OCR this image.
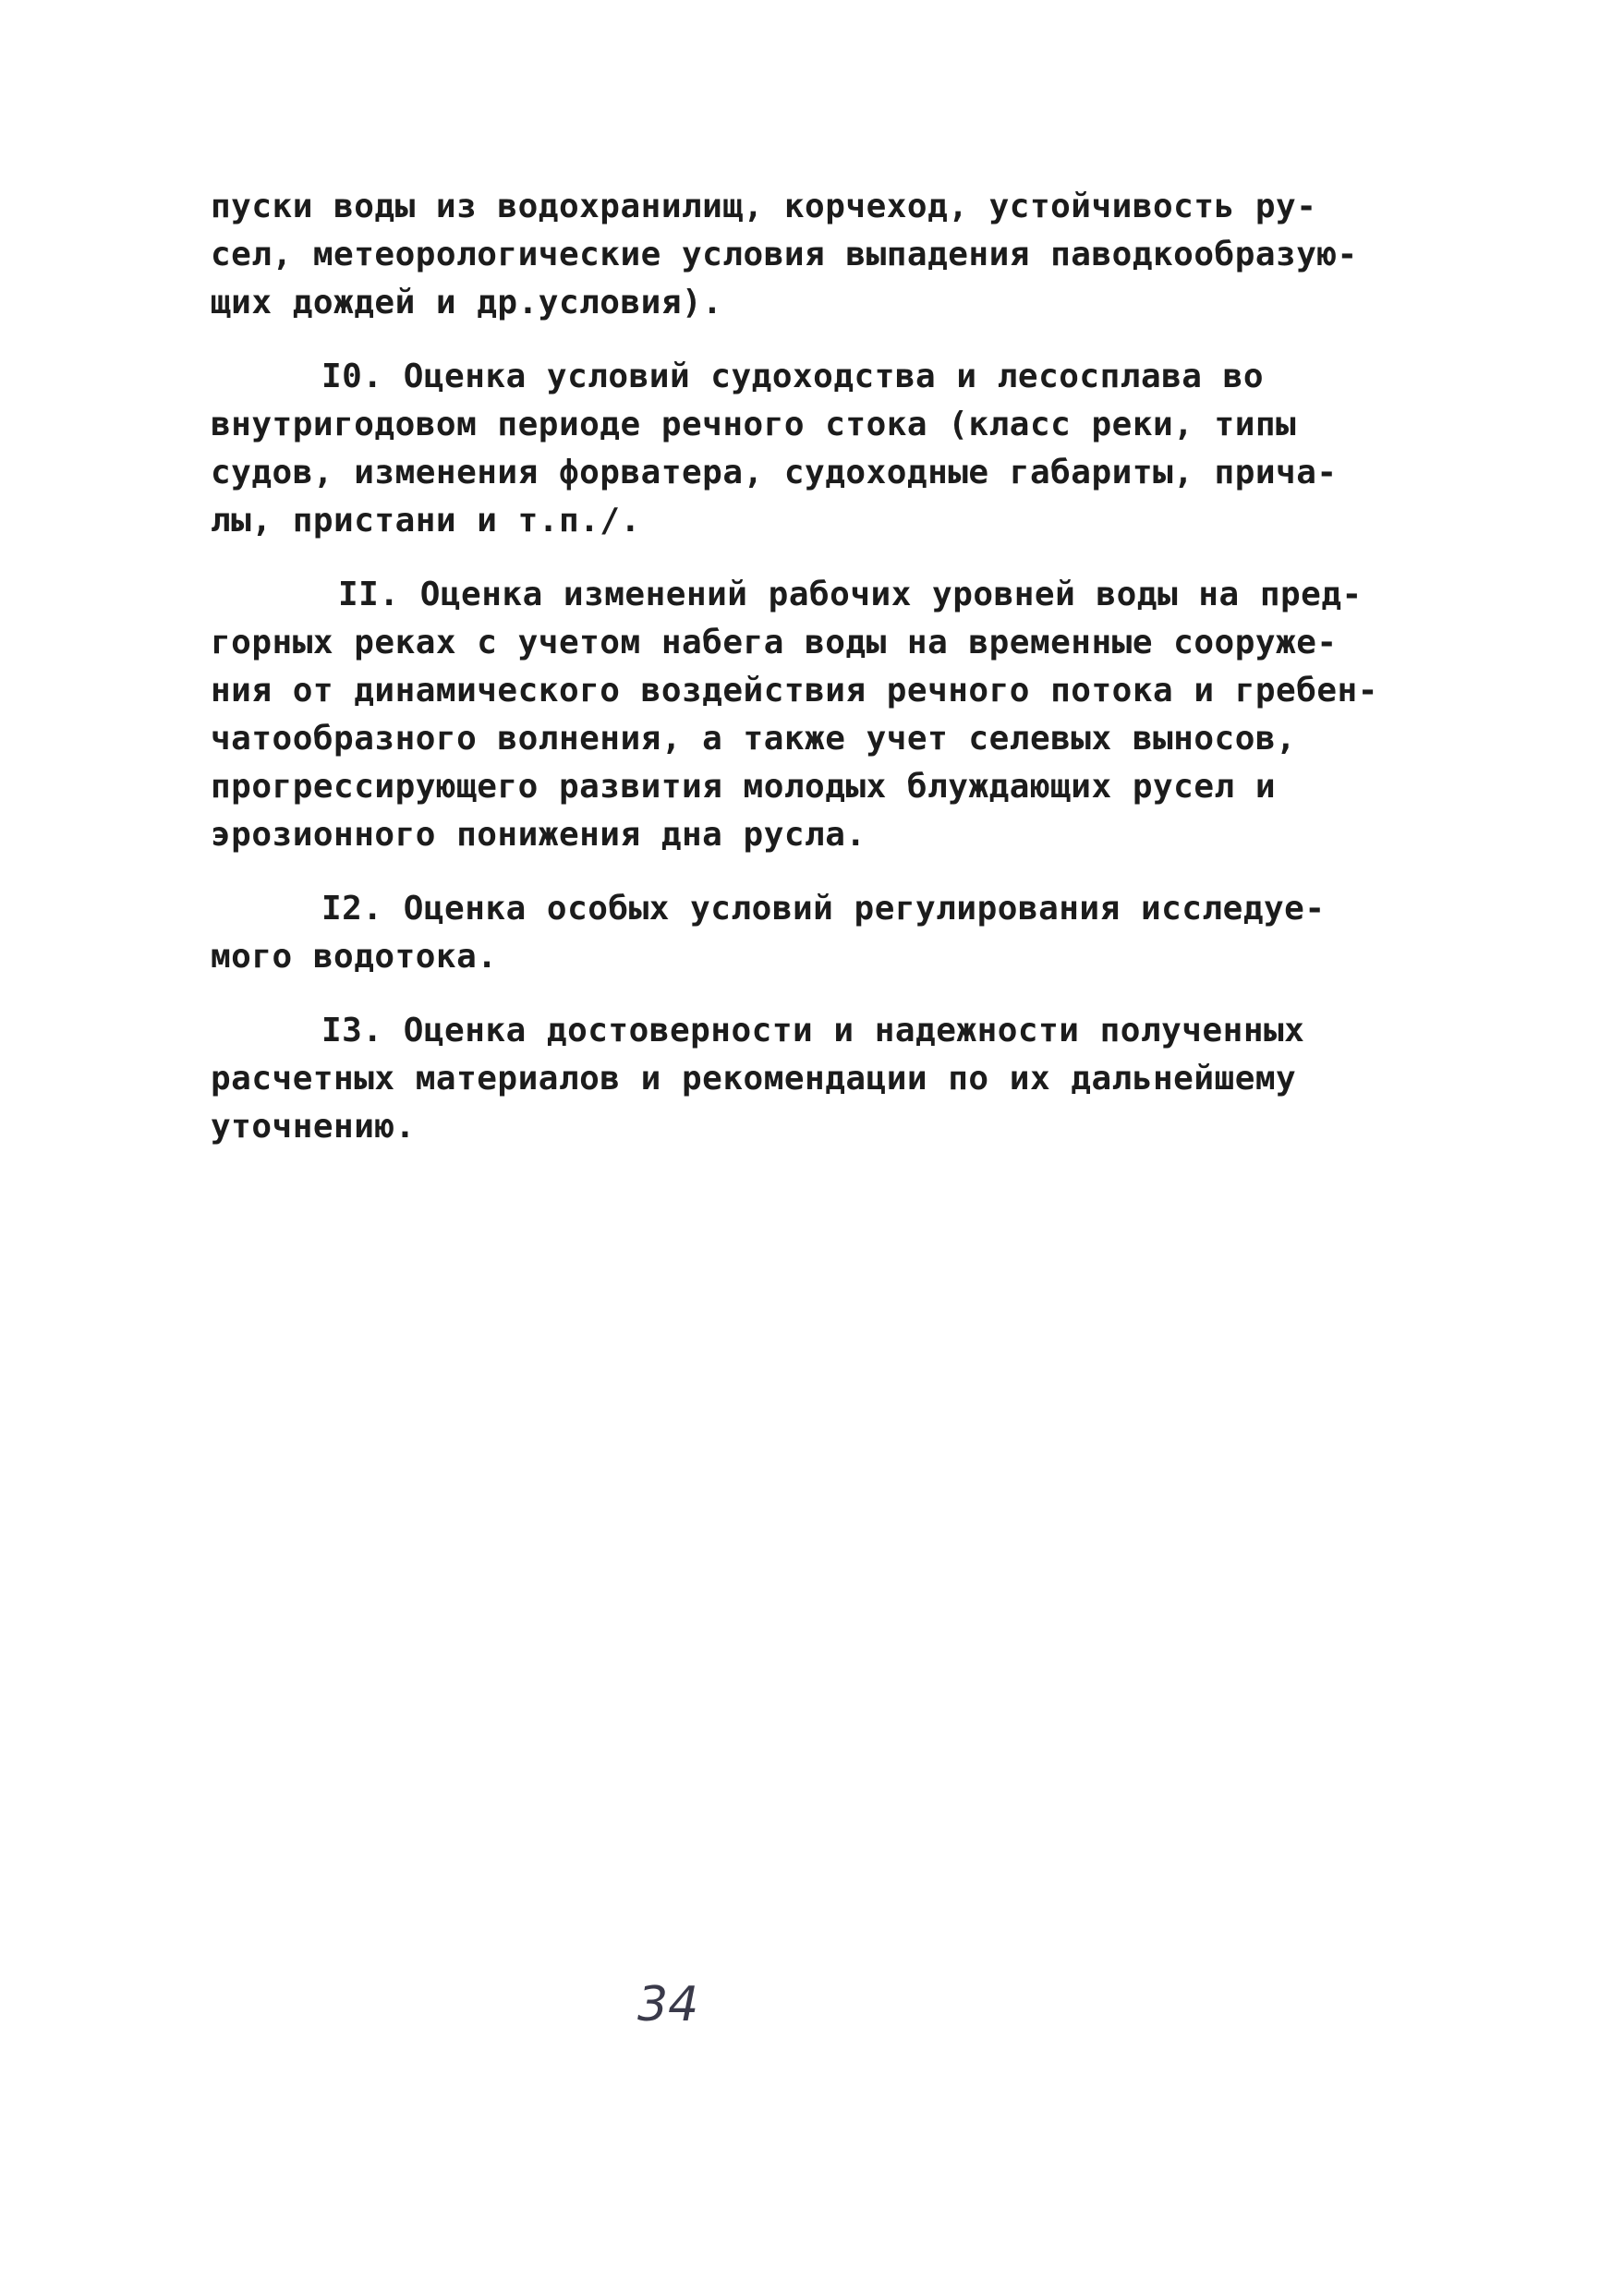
пуски воды из водохранилищ, корчеход, устойчивость ру-
сел, метеорологические условия выпадения паводкообразую-
щих дождей и др.условия).
I0. Оценка условий судоходства и лесосплава во
внутригодовом периоде речного стока (класс реки, типы
судов, изменения форватера, судоходные габариты, прича-
лы, пристани и т.п./.
II. Оценка изменений рабочих уровней воды на пред-
горных реках с учетом набега воды на временные сооруже-
ния от динамического воздействия речного потока и гребен-
чатообразного волнения, а также учет селевых выносов,
прогрессирующего развития молодых блуждающих русел и
эрозионного понижения дна русла.
I2. Оценка особых условий регулирования исследуе-
мого водотока.
I3. Оценка достоверности и надежности полученных
расчетных материалов и рекомендации по их дальнейшему
уточнению.
34
